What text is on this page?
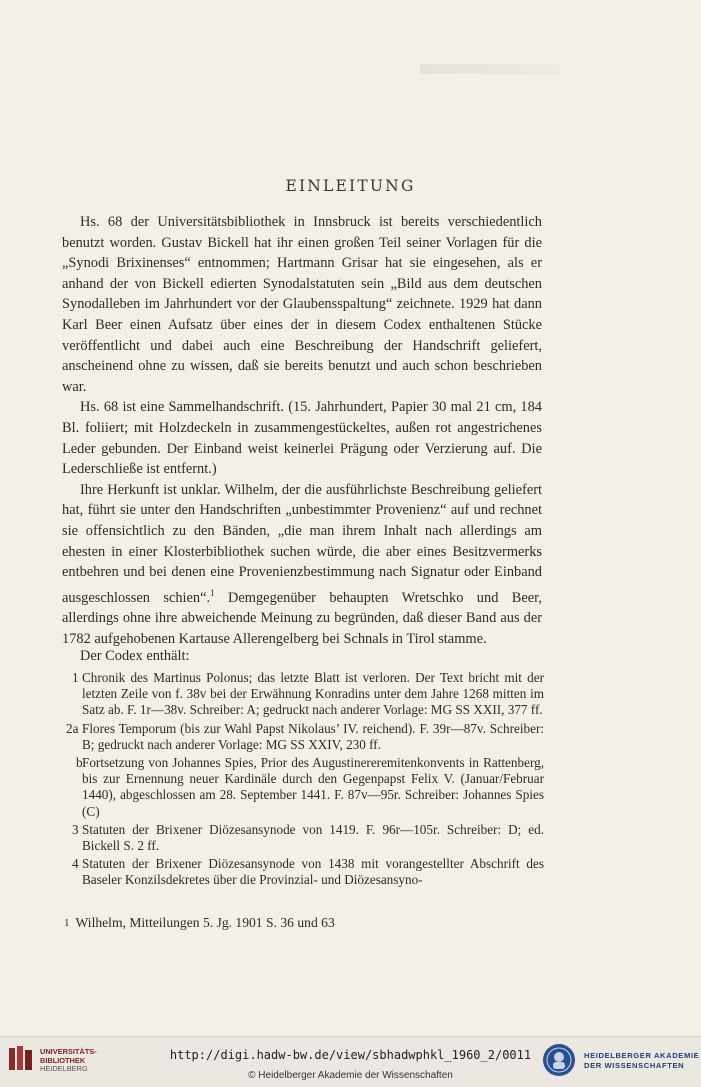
EINLEITUNG

Hs. 68 der Universitätsbibliothek in Innsbruck ist bereits verschiedentlich benutzt worden. Gustav Bickell hat ihr einen großen Teil seiner Vorlagen für die „Synodi Brixinenses“ entnommen; Hartmann Grisar hat sie eingesehen, als er anhand der von Bickell edierten Synodalstatuten sein „Bild aus dem deutschen Synodalleben im Jahrhundert vor der Glaubensspaltung“ zeichnete. 1929 hat dann Karl Beer einen Aufsatz über eines der in diesem Codex enthaltenen Stücke veröffentlicht und dabei auch eine Beschreibung der Handschrift geliefert, anscheinend ohne zu wissen, daß sie bereits benutzt und auch schon beschrieben war.

Hs. 68 ist eine Sammelhandschrift. (15. Jahrhundert, Papier 30 mal 21 cm, 184 Bl. foliiert; mit Holzdeckeln in zusammengestückeltes, außen rot angestrichenes Leder gebunden. Der Einband weist keinerlei Prägung oder Verzierung auf. Die Lederschließe ist entfernt.)

Ihre Herkunft ist unklar. Wilhelm, der die ausführlichste Beschreibung geliefert hat, führt sie unter den Handschriften „unbestimmter Provenienz“ auf und rechnet sie offensichtlich zu den Bänden, „die man ihrem Inhalt nach allerdings am ehesten in einer Klosterbibliothek suchen würde, die aber eines Besitzvermerks entbehren und bei denen eine Provenienzbestimmung nach Signatur oder Einband ausgeschlossen schien“.$^1$ Demgegenüber behaupten Wretschko und Beer, allerdings ohne ihre abweichende Meinung zu begründen, daß dieser Band aus der 1782 aufgehobenen Kartause Allerengelberg bei Schnals in Tirol stamme.

Der Codex enthält:
1 Chronik des Martinus Polonus; das letzte Blatt ist verloren. Der Text bricht mit der letzten Zeile von f. 38v bei der Erwähnung Konradins unter dem Jahre 1268 mitten im Satz ab. F. 1r—38v. Schreiber: A; gedruckt nach anderer Vorlage: MG SS XXII, 377 ff.
2a Flores Temporum (bis zur Wahl Papst Nikolaus’ IV. reichend). F. 39r—87v. Schreiber: B; gedruckt nach anderer Vorlage: MG SS XXIV, 230 ff.
b Fortsetzung von Johannes Spies, Prior des Augustinereremitenkonvents in Rattenberg, bis zur Ernennung neuer Kardinäle durch den Gegenpapst Felix V. (Januar/Februar 1440), abgeschlossen am 28. September 1441. F. 87v—95r. Schreiber: Johannes Spies (C)
3 Statuten der Brixener Diözesansynode von 1419. F. 96r—105r. Schreiber: D; ed. Bickell S. 2 ff.
4 Statuten der Brixener Diözesansynode von 1438 mit vorangestellter Abschrift des Baseler Konzilsdekretes über die Provinzial- und Diözesansyno-
1 Wilhelm, Mitteilungen 5. Jg. 1901 S. 36 und 63
UNIVERSITÄTS-
BIBLIOTHEK
HEIDELBERG
http://digi.hadw-bw.de/view/sbhadwphkl_1960_2/0011
© Heidelberger Akademie der Wissenschaften
HEIDELBERGER AKADEMIE
DER WISSENSCHAFTEN
